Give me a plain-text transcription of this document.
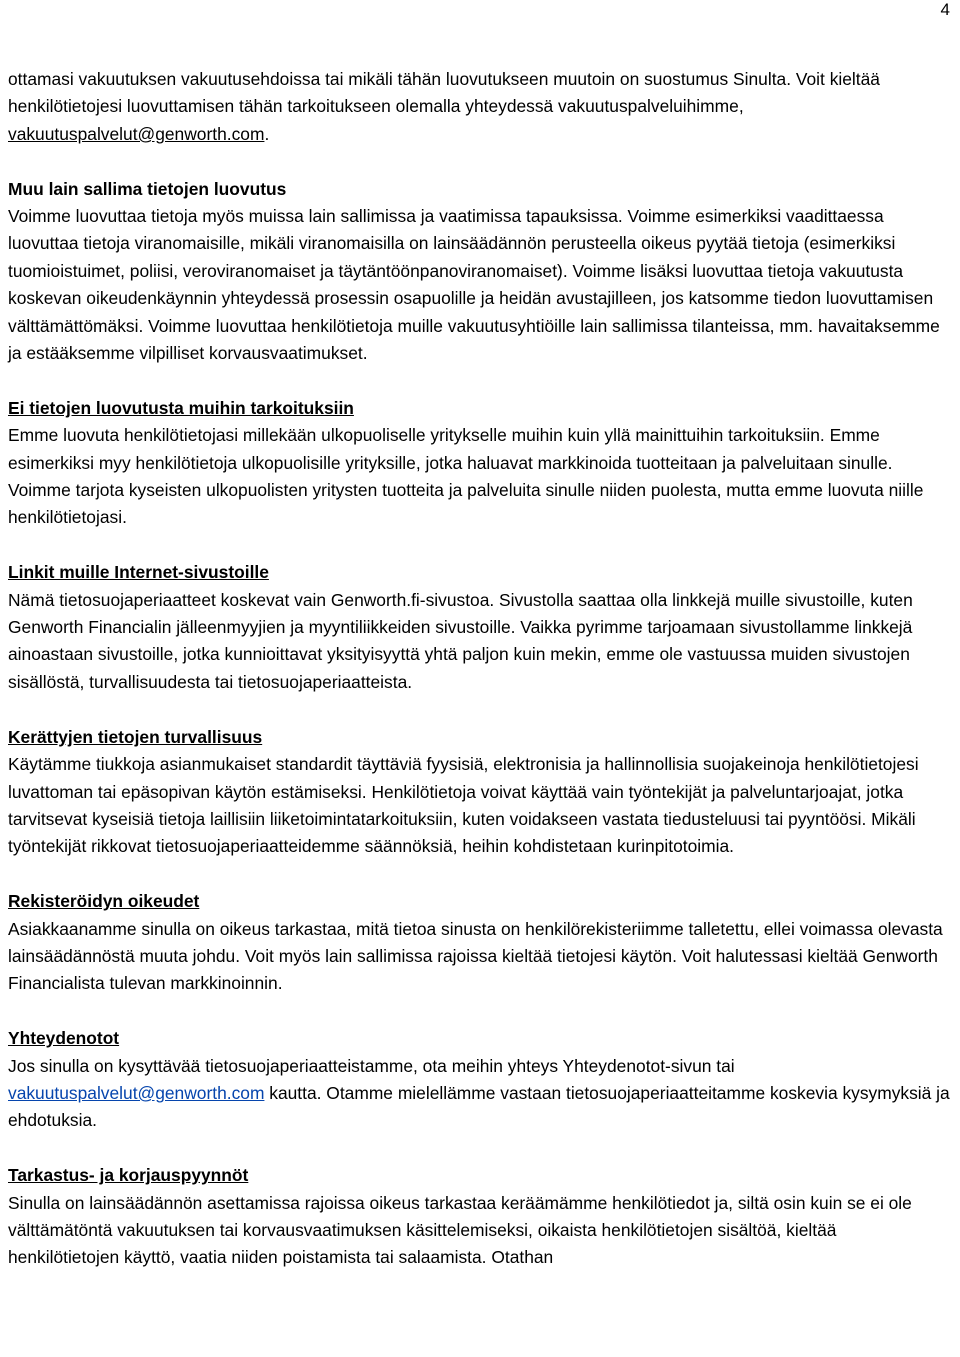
4

ottamasi vakuutuksen vakuutusehdoissa tai mikäli tähän luovutukseen muutoin on suostumus Sinulta. Voit kieltää henkilötietojesi luovuttamisen tähän tarkoitukseen olemalla yhteydessä vakuutuspalveluihimme, vakuutuspalvelut@genworth.com.

Muu lain sallima tietojen luovutus

Voimme luovuttaa tietoja myös muissa lain sallimissa ja vaatimissa tapauksissa. Voimme esimerkiksi vaadittaessa luovuttaa tietoja viranomaisille, mikäli viranomaisilla on lainsäädännön perusteella oikeus pyytää tietoja (esimerkiksi tuomioistuimet, poliisi, veroviranomaiset ja täytäntöönpanoviranomaiset). Voimme lisäksi luovuttaa tietoja vakuutusta koskevan oikeudenkäynnin yhteydessä prosessin osapuolille ja heidän avustajilleen, jos katsomme tiedon luovuttamisen välttämättömäksi. Voimme luovuttaa henkilötietoja muille vakuutusyhtiöille lain sallimissa tilanteissa, mm. havaitaksemme ja estääksemme vilpilliset korvausvaatimukset.

Ei tietojen luovutusta muihin tarkoituksiin

Emme luovuta henkilötietojasi millekään ulkopuoliselle yritykselle muihin kuin yllä mainittuihin tarkoituksiin. Emme esimerkiksi myy henkilötietoja ulkopuolisille yrityksille, jotka haluavat markkinoida tuotteitaan ja palveluitaan sinulle. Voimme tarjota kyseisten ulkopuolisten yritysten tuotteita ja palveluita sinulle niiden puolesta, mutta emme luovuta niille henkilötietojasi.

Linkit muille Internet-sivustoille

Nämä tietosuojaperiaatteet koskevat vain Genworth.fi-sivustoa. Sivustolla saattaa olla linkkejä muille sivustoille, kuten Genworth Financialin jälleenmyyjien ja myyntiliikkeiden sivustoille. Vaikka pyrimme tarjoamaan sivustollamme linkkejä ainoastaan sivustoille, jotka kunnioittavat yksityisyyttä yhtä paljon kuin mekin, emme ole vastuussa muiden sivustojen sisällöstä, turvallisuudesta tai tietosuojaperiaatteista.

Kerättyjen tietojen turvallisuus

Käytämme tiukkoja asianmukaiset standardit täyttäviä fyysisiä, elektronisia ja hallinnollisia suojakeinoja henkilötietojesi luvattoman tai epäsopivan käytön estämiseksi. Henkilötietoja voivat käyttää vain työntekijät ja palveluntarjoajat, jotka tarvitsevat kyseisiä tietoja laillisiin liiketoimintatarkoituksiin, kuten voidakseen vastata tiedusteluusi tai pyyntöösi. Mikäli työntekijät rikkovat tietosuojaperiaatteidemme säännöksiä, heihin kohdistetaan kurinpitotoimia.

Rekisteröidyn oikeudet

Asiakkaanamme sinulla on oikeus tarkastaa, mitä tietoa sinusta on henkilörekisteriimme talletettu, ellei voimassa olevasta lainsäädännöstä muuta johdu. Voit myös lain sallimissa rajoissa kieltää tietojesi käytön. Voit halutessasi kieltää Genworth Financialista tulevan markkinoinnin.

Yhteydenotot

Jos sinulla on kysyttävää tietosuojaperiaatteistamme, ota meihin yhteys Yhteydenotot-sivun tai vakuutuspalvelut@genworth.com kautta. Otamme mielellämme vastaan tietosuojaperiaatteitamme koskevia kysymyksiä ja ehdotuksia.

Tarkastus- ja korjauspyynnöt

Sinulla on lainsäädännön asettamissa rajoissa oikeus tarkastaa keräämämme henkilötiedot ja, siltä osin kuin se ei ole välttämätöntä vakuutuksen tai korvausvaatimuksen käsittelemiseksi, oikaista henkilötietojen sisältöä, kieltää henkilötietojen käyttö, vaatia niiden poistamista tai salaamista. Otathan
